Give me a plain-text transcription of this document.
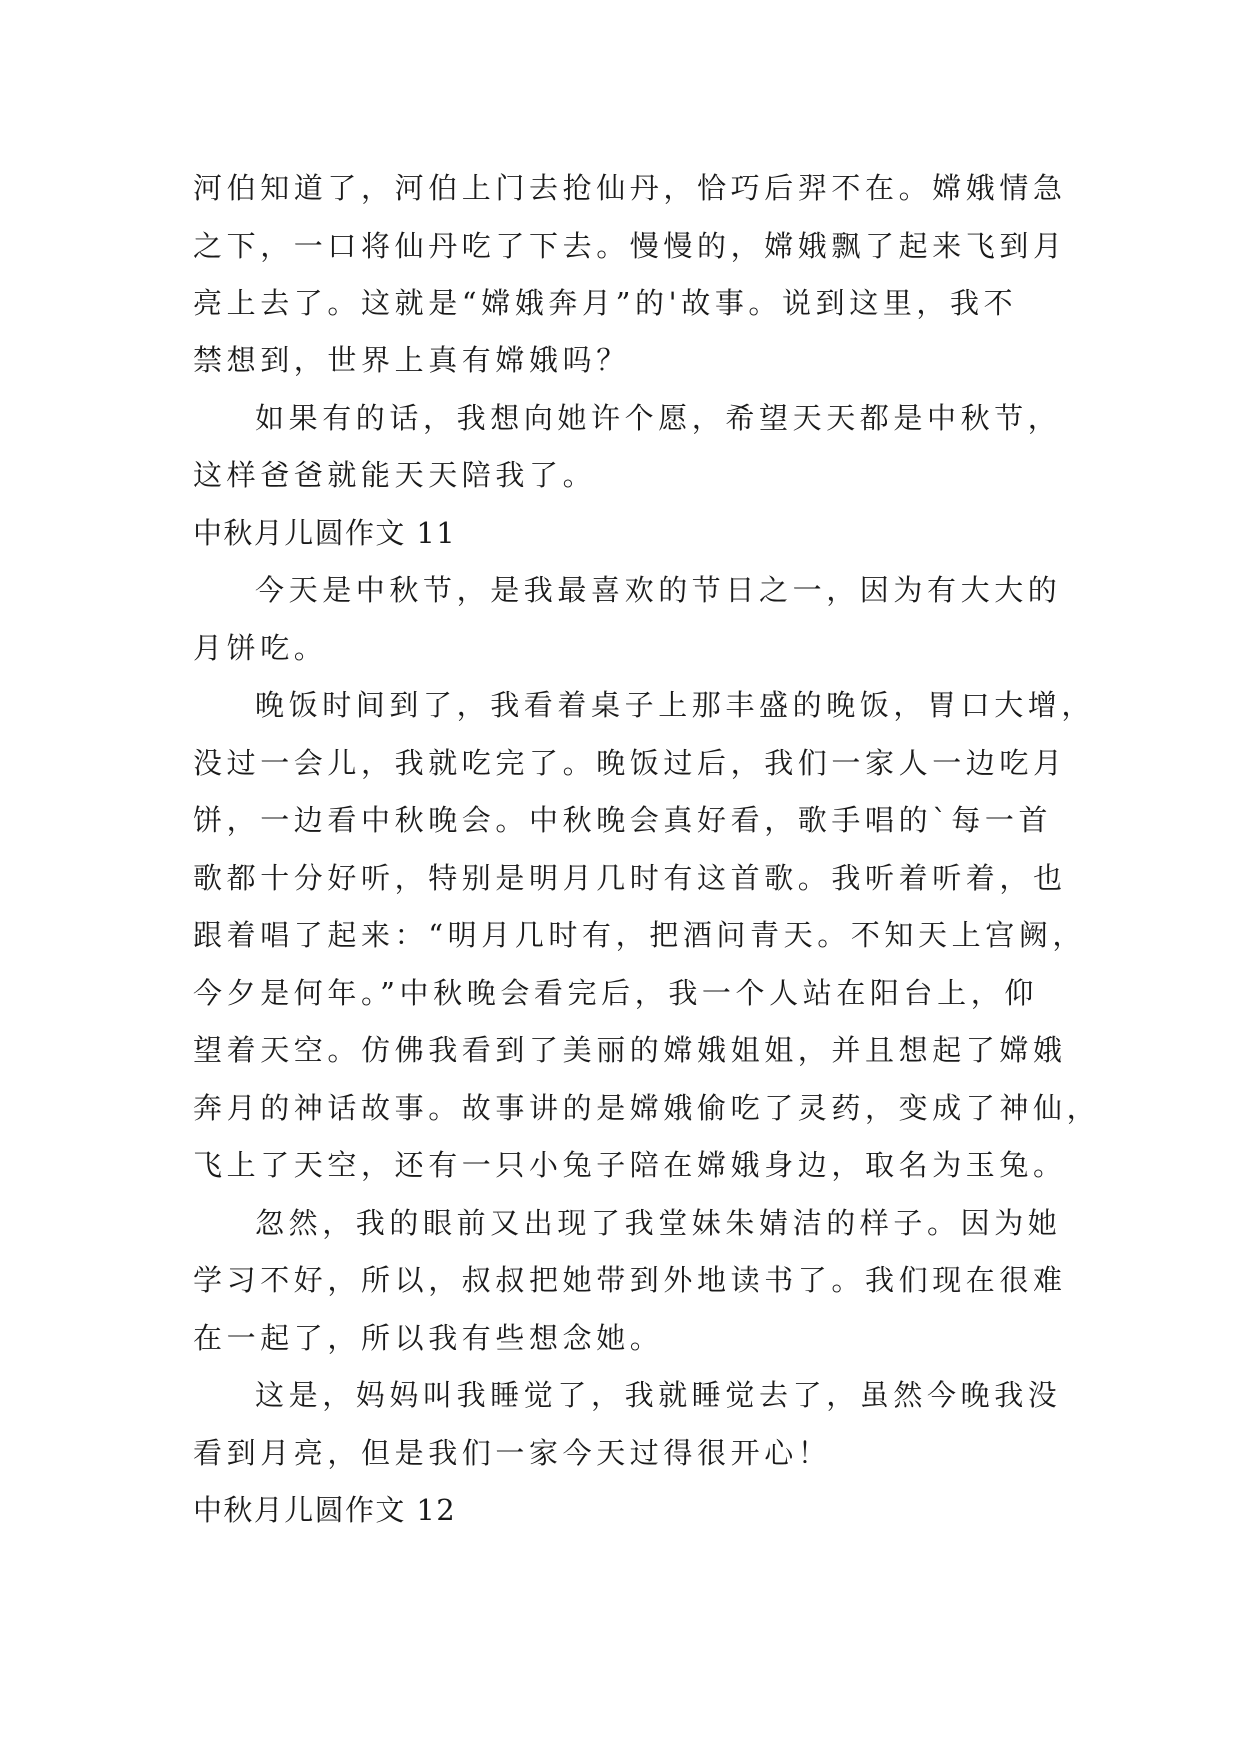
河伯知道了，河伯上门去抢仙丹，恰巧后羿不在。嫦娥情急

之下，一口将仙丹吃了下去。慢慢的，嫦娥飘了起来飞到月

亮上去了。这就是“嫦娥奔月”的'故事。说到这里，我不

禁想到，世界上真有嫦娥吗？

如果有的话，我想向她许个愿，希望天天都是中秋节，

这样爸爸就能天天陪我了。

中秋月儿圆作文 11

今天是中秋节，是我最喜欢的节日之一，因为有大大的

月饼吃。

晚饭时间到了，我看着桌子上那丰盛的晚饭，胃口大增，

没过一会儿，我就吃完了。晚饭过后，我们一家人一边吃月

饼，一边看中秋晚会。中秋晚会真好看，歌手唱的`每一首

歌都十分好听，特别是明月几时有这首歌。我听着听着，也

跟着唱了起来：“明月几时有，把酒问青天。不知天上宫阙，

今夕是何年。”中秋晚会看完后，我一个人站在阳台上，仰

望着天空。仿佛我看到了美丽的嫦娥姐姐，并且想起了嫦娥

奔月的神话故事。故事讲的是嫦娥偷吃了灵药，变成了神仙，

飞上了天空，还有一只小兔子陪在嫦娥身边，取名为玉兔。

忽然，我的眼前又出现了我堂妹朱婧洁的样子。因为她

学习不好，所以，叔叔把她带到外地读书了。我们现在很难

在一起了，所以我有些想念她。

这是，妈妈叫我睡觉了，我就睡觉去了，虽然今晚我没

看到月亮，但是我们一家今天过得很开心！

中秋月儿圆作文 12
